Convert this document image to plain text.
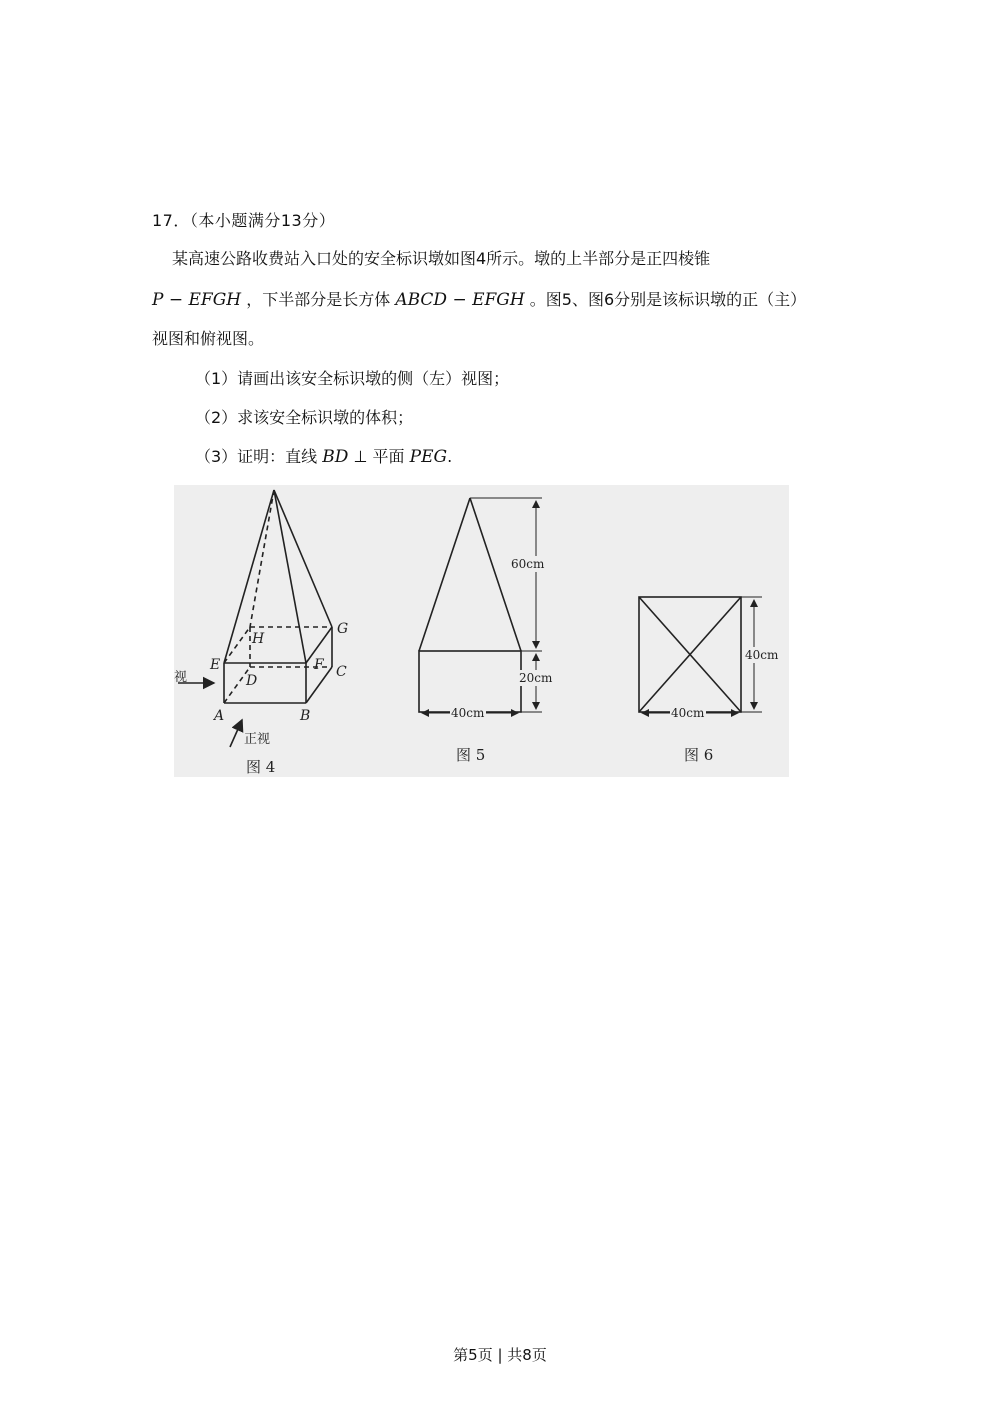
17．（本小题满分13分）
某高速公路收费站入口处的安全标识墩如图4所示。墩的上半部分是正四棱锥
P − EFGH ，下半部分是长方体 ABCD − EFGH 。图5、图6分别是该标识墩的正（主）
视图和俯视图。
（1）请画出该安全标识墩的侧（左）视图；
（2）求该安全标识墩的体积；
（3）证明：直线 BD ⊥ 平面 PEG.
E
H
G
F C
D
A	B
正视
视
图 4
60cm
20cm
40cm
图 5
40cm
40cm
图 6
第5页 | 共8页
